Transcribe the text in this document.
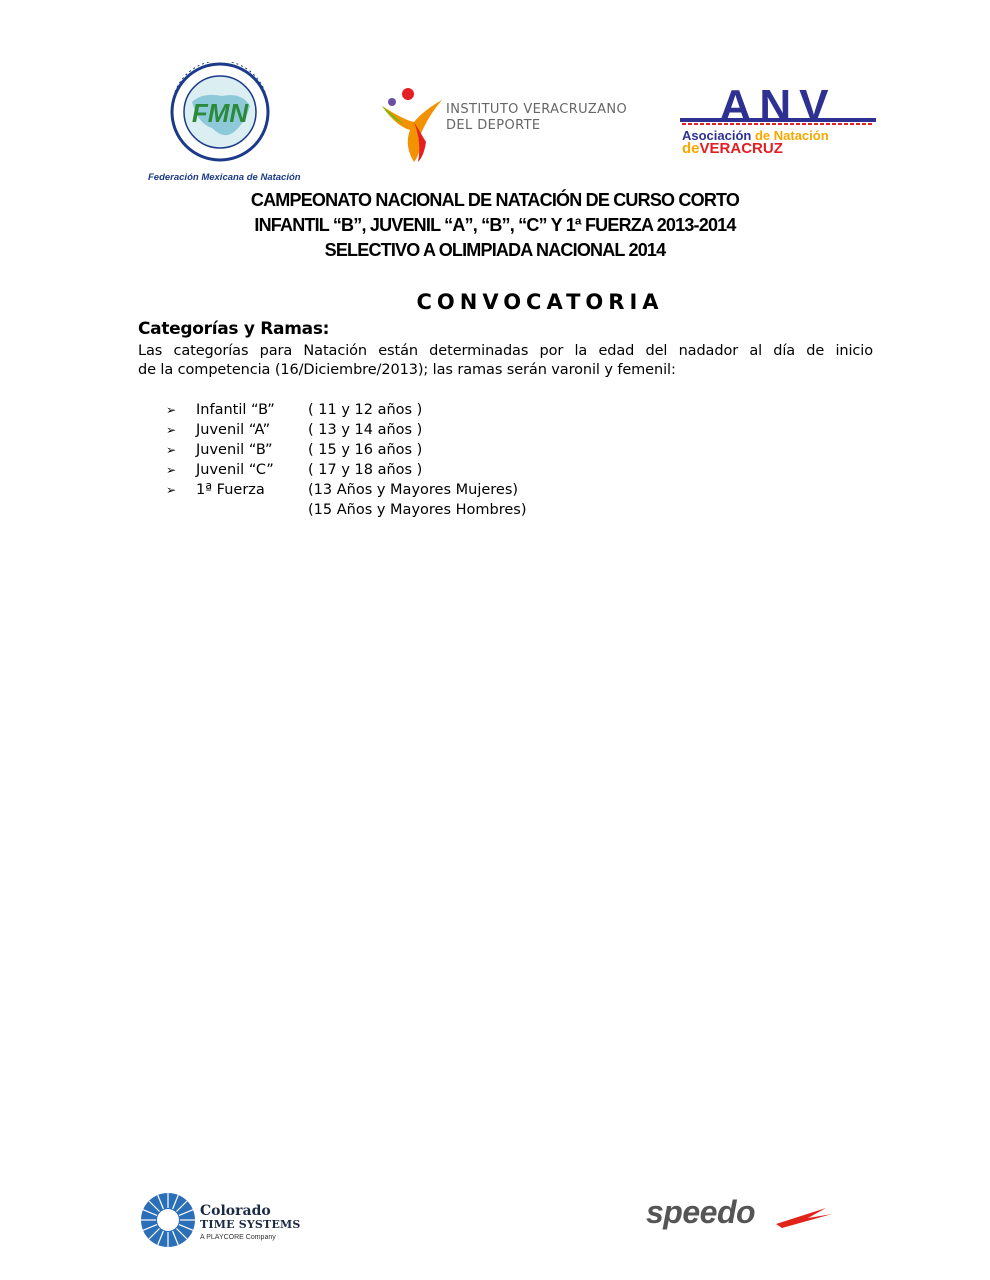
FMN
Federación Mexicana de Natación
INSTITUTO VERACRUZANO
DEL DEPORTE	ANV
Asociación de Natación
deVERACRUZ
CAMPEONATO NACIONAL DE NATACIÓN DE CURSO CORTO
INFANTIL “B”, JUVENIL “A”, “B”, “C” Y 1ª FUERZA 2013-2014
SELECTIVO A OLIMPIADA NACIONAL 2014
CONVOCATORIA
Categorías y Ramas:
Las categorías para Natación están determinadas por la edad del nadador al día de inicio
de la competencia (16/Diciembre/2013); las ramas serán varonil y femenil:
➢ Infantil “B” ( 11 y 12 años )
➢ Juvenil “A”	( 13 y 14 años )
➢ Juvenil “B” ( 15 y 16 años )
➢ Juvenil “C” ( 17 y 18 años )
➢ 1ª Fuerza	(13 Años y Mayores Mujeres)
(15 Años y Mayores Hombres)
Colorado
TIME SYSTEMS
A PLAYCORE Company
speedo
